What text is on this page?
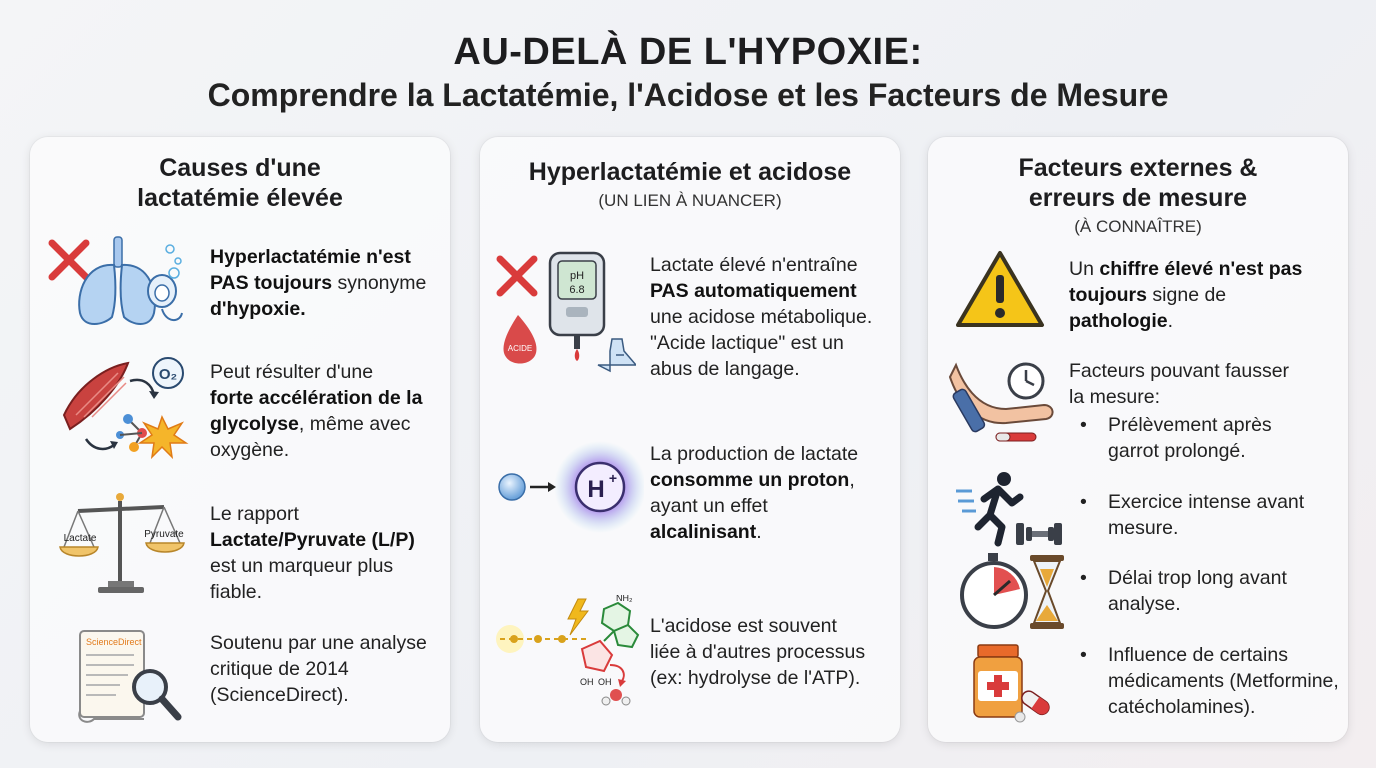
AU-DELÀ DE L'HYPOXIE:
Comprendre la Lactatémie, l'Acidose et les Facteurs de Mesure
Causes d'une
lactatémie élevée
Hyperlactatémie n'est
PAS toujours synonyme
d'hypoxie.
O₂ Peut résulter d'une
forte accélération de la
glycolyse, même avec
oxygène.
Lactate	Pyruvate
Le rapport
Lactate/Pyruvate (L/P)
est un marqueur plus
fiable.
ScienceDirect	Soutenu par une analyse
critique de 2014
(ScienceDirect).
Hyperlactatémie et acidose
(UN LIEN À NUANCER)
pH
6.8
ACIDE
Lactate élevé n'entraîne
PAS automatiquement
une acidose métabolique.
"Acide lactique" est un
abus de langage.
H +
La production de lactate
consomme un proton,
ayant un effet
alcalinisant.
NH₂
OH OH
L'acidose est souvent
liée à d'autres processus
(ex: hydrolyse de l'ATP).
Facteurs externes &
erreurs de mesure
(À CONNAÎTRE)
Un chiffre élevé n'est pas
toujours signe de
pathologie.
Facteurs pouvant fausser
la mesure:
• Prélèvement après
garrot prolongé.
• Exercice intense avant
mesure.
• Délai trop long avant
analyse.
• Influence de certains
médicaments (Metformine,
catécholamines).
